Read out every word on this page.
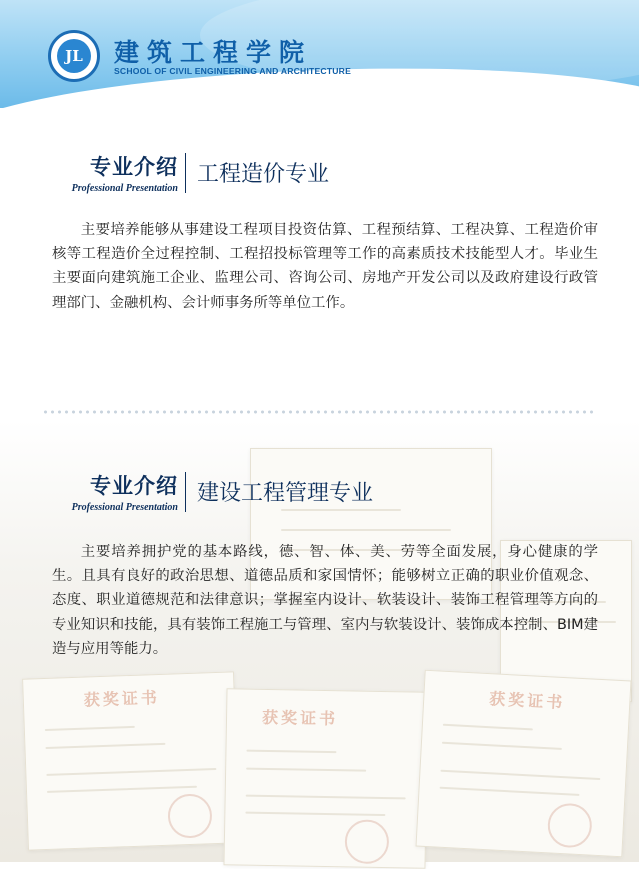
JL	建筑工程学院
SCHOOL OF CIVIL ENGINEERING AND ARCHITECTURE
获奖证书
获奖证书
获奖证书
专业介绍
Professional Presentation
工程造价专业
主要培养能够从事建设工程项目投资估算、工程预结算、工程决算、工程造价审核等工程造价全过程控制、工程招投标管理等工作的高素质技术技能型人才。毕业生主要面向建筑施工企业、监理公司、咨询公司、房地产开发公司以及政府建设行政管理部门、金融机构、会计师事务所等单位工作。
专业介绍
Professional Presentation
建设工程管理专业
主要培养拥护党的基本路线，德、智、体、美、劳等全面发展，身心健康的学生。且具有良好的政治思想、道德品质和家国情怀；能够树立正确的职业价值观念、态度、职业道德规范和法律意识；掌握室内设计、软装设计、装饰工程管理等方向的专业知识和技能，具有装饰工程施工与管理、室内与软装设计、装饰成本控制、BIM建造与应用等能力。
